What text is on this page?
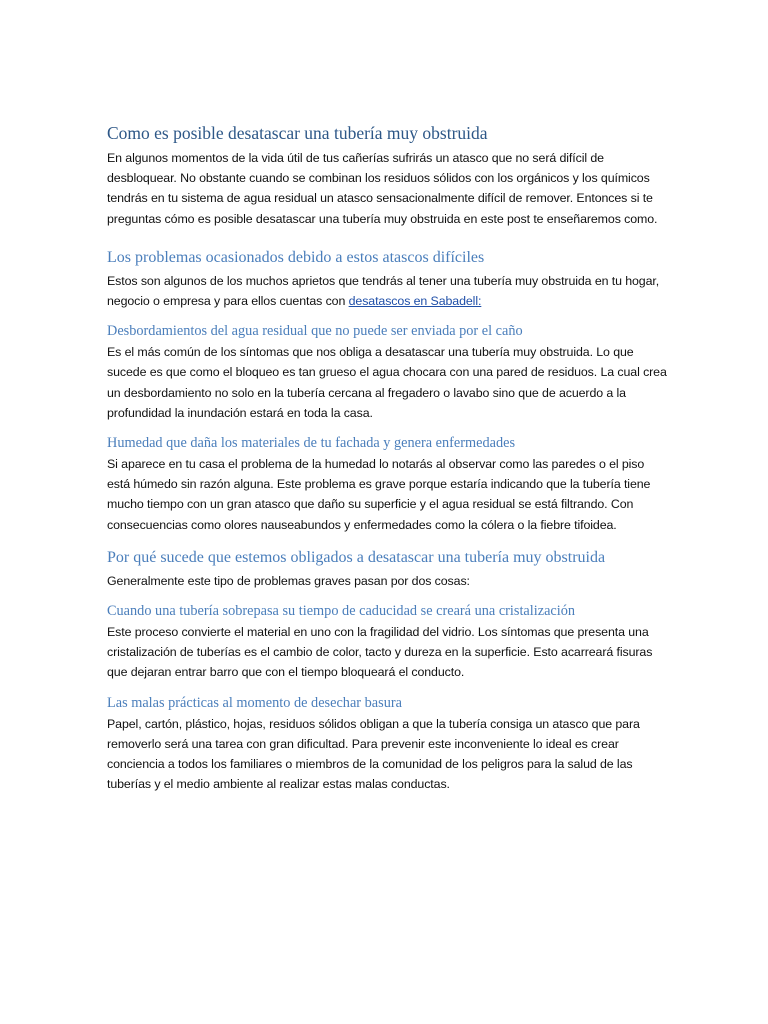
Como es posible desatascar una tubería muy obstruida

En algunos momentos de la vida útil de tus cañerías sufrirás un atasco que no será difícil de desbloquear. No obstante cuando se combinan los residuos sólidos con los orgánicos y los químicos tendrás en tu sistema de agua residual un atasco sensacionalmente difícil de remover. Entonces si te preguntas cómo es posible desatascar una tubería muy obstruida en este post te enseñaremos como.

Los problemas ocasionados debido a estos atascos difíciles

Estos son algunos de los muchos aprietos que tendrás al tener una tubería muy obstruida en tu hogar, negocio o empresa y para ellos cuentas con desatascos en Sabadell:

Desbordamientos del agua residual que no puede ser enviada por el caño

Es el más común de los síntomas que nos obliga a desatascar una tubería muy obstruida. Lo que sucede es que como el bloqueo es tan grueso el agua chocara con una pared de residuos. La cual crea un desbordamiento no solo en la tubería cercana al fregadero o lavabo sino que de acuerdo a la profundidad la inundación estará en toda la casa.

Humedad que daña los materiales de tu fachada y genera enfermedades

Si aparece en tu casa el problema de la humedad lo notarás al observar como las paredes o el piso está húmedo sin razón alguna. Este problema es grave porque estaría indicando que la tubería tiene mucho tiempo con un gran atasco que daño su superficie y el agua residual se está filtrando. Con consecuencias como olores nauseabundos y enfermedades como la cólera o la fiebre tifoidea.

Por qué sucede que estemos obligados a desatascar una tubería muy obstruida

Generalmente este tipo de problemas graves pasan por dos cosas:

Cuando una tubería sobrepasa su tiempo de caducidad se creará una cristalización

Este proceso convierte el material en uno con la fragilidad del vidrio. Los síntomas que presenta una cristalización de tuberías es el cambio de color, tacto y dureza en la superficie. Esto acarreará fisuras que dejaran entrar barro que con el tiempo bloqueará el conducto.

Las malas prácticas al momento de desechar basura

Papel, cartón, plástico, hojas, residuos sólidos obligan a que la tubería consiga un atasco que para removerlo será una tarea con gran dificultad. Para prevenir este inconveniente lo ideal es crear conciencia a todos los familiares o miembros de la comunidad de los peligros para la salud de las tuberías y el medio ambiente al realizar estas malas conductas.
